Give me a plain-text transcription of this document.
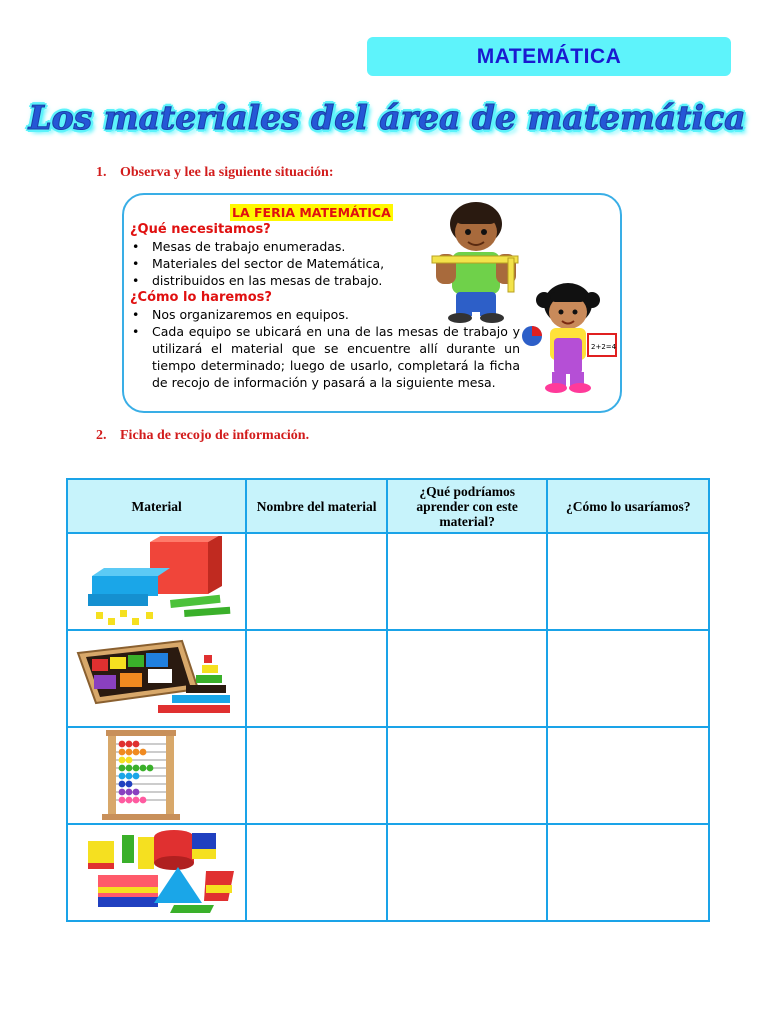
MATEMÁTICA
Los materiales del área de matemática
1. Observa y lee la siguiente situación:
LA FERIA MATEMÁTICA
¿Qué necesitamos?
• Mesas de trabajo enumeradas.
• Materiales del sector de Matemática,
• distribuidos en las mesas de trabajo.
¿Cómo lo haremos?
• Nos organizaremos en equipos.
• Cada equipo se ubicará en una de las mesas de trabajo y utilizará el material que se encuentre allí durante un tiempo determinado; luego de usarlo, completará la ficha de recojo de información y pasará a la siguiente mesa.
2+2=4
2. Ficha de recojo de información.
Material	Nombre del material	¿Qué podríamos aprender con este material?	¿Cómo lo usaríamos?
